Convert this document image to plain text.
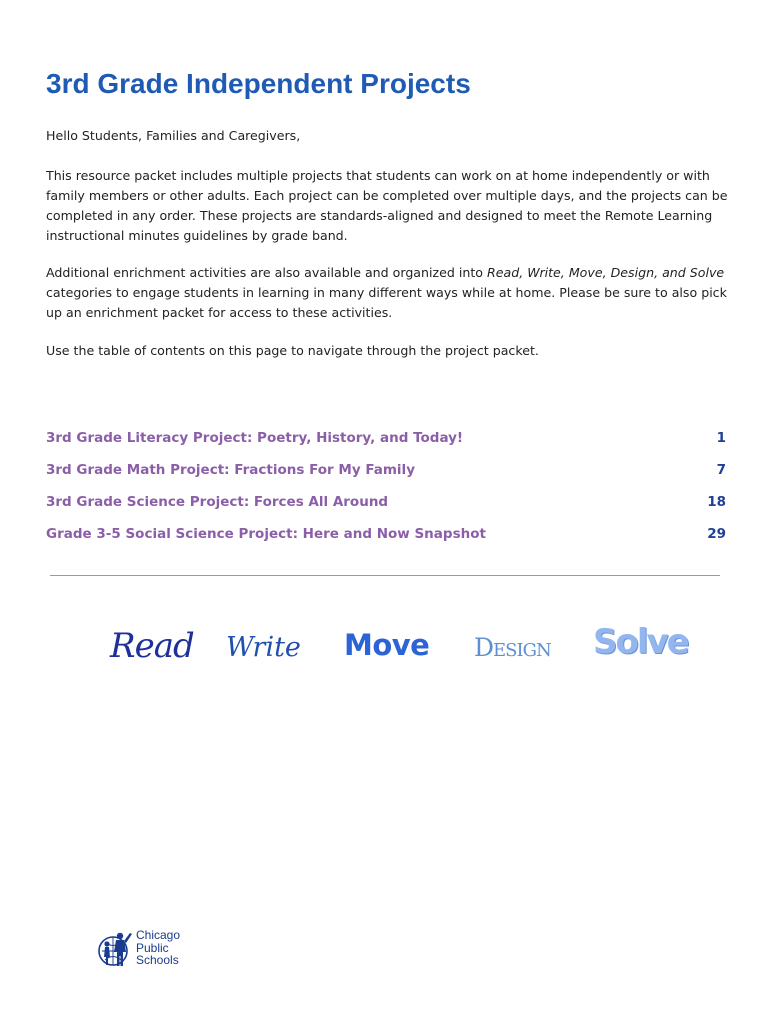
3rd Grade Independent Projects

Hello Students, Families and Caregivers,

This resource packet includes multiple projects that students can work on at home independently or with family members or other adults. Each project can be completed over multiple days, and the projects can be completed in any order. These projects are standards-aligned and designed to meet the Remote Learning instructional minutes guidelines by grade band.

Additional enrichment activities are also available and organized into Read, Write, Move, Design, and Solve categories to engage students in learning in many different ways while at home. Please be sure to also pick up an enrichment packet for access to these activities.

Use the table of contents on this page to navigate through the project packet.

3rd Grade Literacy Project: Poetry, History, and Today!	1
3rd Grade Math Project: Fractions For My Family	7
3rd Grade Science Project: Forces All Around	18
Grade 3-5 Social Science Project: Here and Now Snapshot	29
Read Write Move Design Solve
Chicago
Public
Schools
